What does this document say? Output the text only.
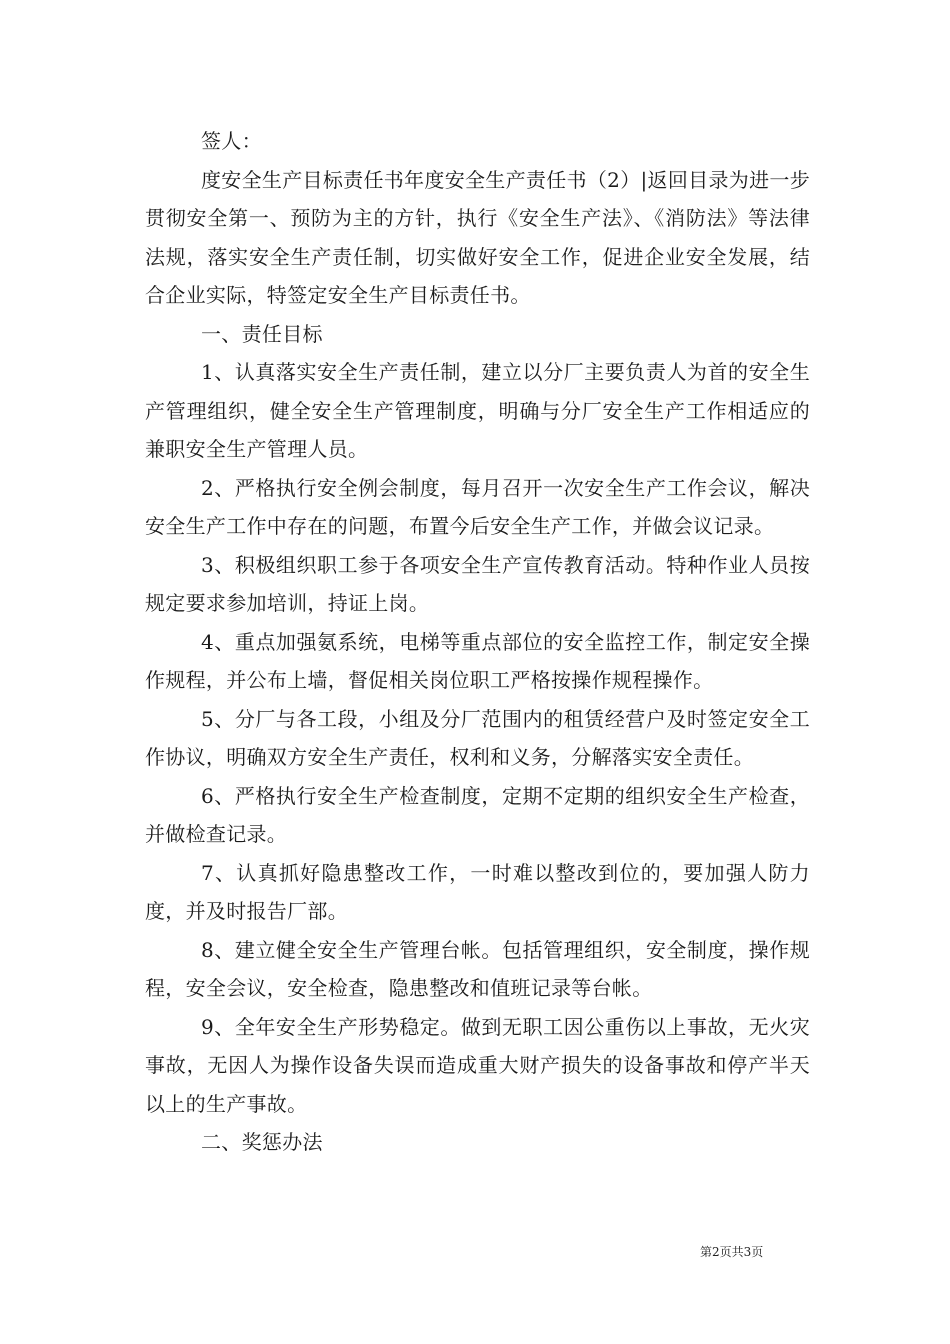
签人：

度安全生产目标责任书年度安全生产责任书（2）|返回目录为进一步贯彻安全第一、预防为主的方针，执行《安全生产法》、《消防法》等法律法规，落实安全生产责任制，切实做好安全工作，促进企业安全发展，结合企业实际，特签定安全生产目标责任书。

一、责任目标

1、认真落实安全生产责任制，建立以分厂主要负责人为首的安全生产管理组织，健全安全生产管理制度，明确与分厂安全生产工作相适应的兼职安全生产管理人员。

2、严格执行安全例会制度，每月召开一次安全生产工作会议，解决安全生产工作中存在的问题，布置今后安全生产工作，并做会议记录。

3、积极组织职工参于各项安全生产宣传教育活动。特种作业人员按规定要求参加培训，持证上岗。

4、重点加强氨系统，电梯等重点部位的安全监控工作，制定安全操作规程，并公布上墙，督促相关岗位职工严格按操作规程操作。

5、分厂与各工段，小组及分厂范围内的租赁经营户及时签定安全工作协议，明确双方安全生产责任，权利和义务，分解落实安全责任。

6、严格执行安全生产检查制度，定期不定期的组织安全生产检查，并做检查记录。

7、认真抓好隐患整改工作，一时难以整改到位的，要加强人防力度，并及时报告厂部。

8、建立健全安全生产管理台帐。包括管理组织，安全制度，操作规程，安全会议，安全检查，隐患整改和值班记录等台帐。

9、全年安全生产形势稳定。做到无职工因公重伤以上事故，无火灾事故，无因人为操作设备失误而造成重大财产损失的设备事故和停产半天以上的生产事故。

二、奖惩办法

第2页共3页
